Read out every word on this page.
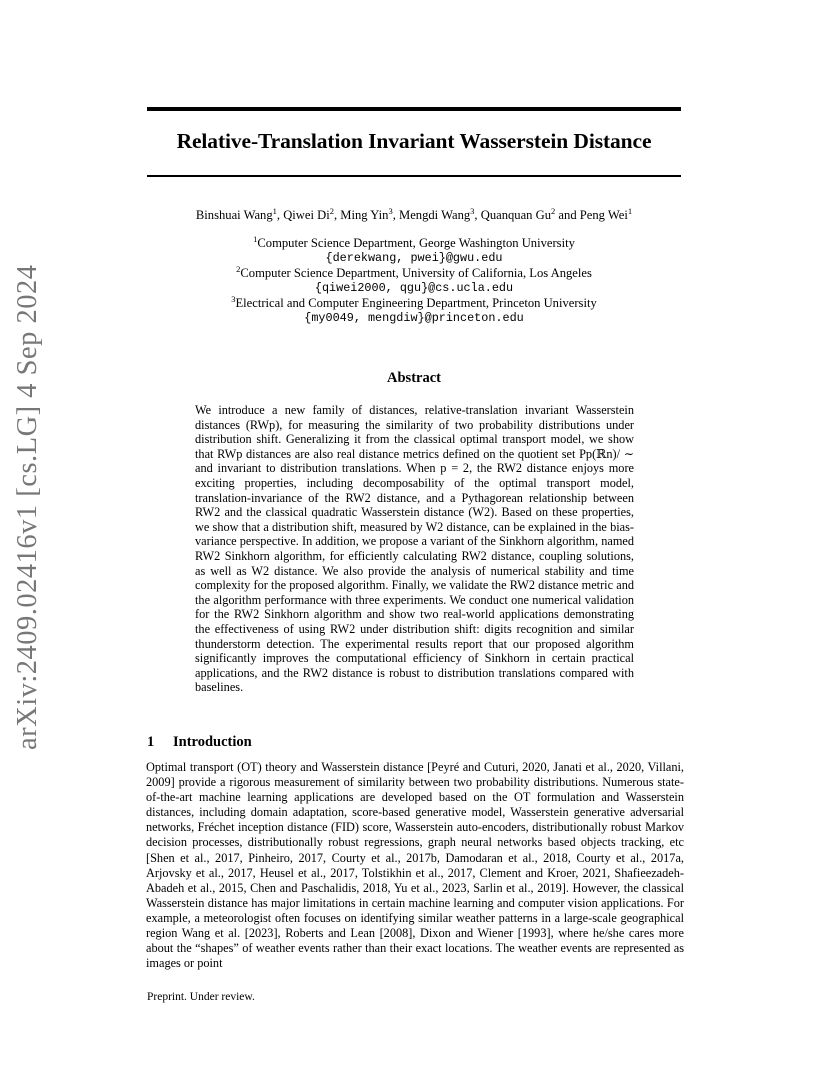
arXiv:2409.02416v1 [cs.LG] 4 Sep 2024
Relative-Translation Invariant Wasserstein Distance
Binshuai Wang$^1$, Qiwei Di$^2$, Ming Yin$^3$, Mengdi Wang$^3$, Quanquan Gu$^2$ and Peng Wei$^1$
$^1$Computer Science Department, George Washington University
{derekwang, pwei}@gwu.edu
$^2$Computer Science Department, University of California, Los Angeles
{qiwei2000, qgu}@cs.ucla.edu
$^3$Electrical and Computer Engineering Department, Princeton University
{my0049, mengdiw}@princeton.edu
Abstract

We introduce a new family of distances, relative-translation invariant Wasserstein distances (RWp), for measuring the similarity of two probability distributions under distribution shift. Generalizing it from the classical optimal transport model, we show that RWp distances are also real distance metrics defined on the quotient set Pp(ℝn)/ ∼ and invariant to distribution translations. When p = 2, the RW2 distance enjoys more exciting properties, including decomposability of the optimal transport model, translation-invariance of the RW2 distance, and a Pythagorean relationship between RW2 and the classical quadratic Wasserstein distance (W2). Based on these properties, we show that a distribution shift, measured by W2 distance, can be explained in the bias-variance perspective. In addition, we propose a variant of the Sinkhorn algorithm, named RW2 Sinkhorn algorithm, for efficiently calculating RW2 distance, coupling solutions, as well as W2 distance. We also provide the analysis of numerical stability and time complexity for the proposed algorithm. Finally, we validate the RW2 distance metric and the algorithm performance with three experiments. We conduct one numerical validation for the RW2 Sinkhorn algorithm and show two real-world applications demonstrating the effectiveness of using RW2 under distribution shift: digits recognition and similar thunderstorm detection. The experimental results report that our proposed algorithm significantly improves the computational efficiency of Sinkhorn in certain practical applications, and the RW2 distance is robust to distribution translations compared with baselines.

1 Introduction

Optimal transport (OT) theory and Wasserstein distance [Peyré and Cuturi, 2020, Janati et al., 2020, Villani, 2009] provide a rigorous measurement of similarity between two probability distributions. Numerous state-of-the-art machine learning applications are developed based on the OT formulation and Wasserstein distances, including domain adaptation, score-based generative model, Wasserstein generative adversarial networks, Fréchet inception distance (FID) score, Wasserstein auto-encoders, distributionally robust Markov decision processes, distributionally robust regressions, graph neural networks based objects tracking, etc [Shen et al., 2017, Pinheiro, 2017, Courty et al., 2017b, Damodaran et al., 2018, Courty et al., 2017a, Arjovsky et al., 2017, Heusel et al., 2017, Tolstikhin et al., 2017, Clement and Kroer, 2021, Shafieezadeh-Abadeh et al., 2015, Chen and Paschalidis, 2018, Yu et al., 2023, Sarlin et al., 2019]. However, the classical Wasserstein distance has major limitations in certain machine learning and computer vision applications. For example, a meteorologist often focuses on identifying similar weather patterns in a large-scale geographical region Wang et al. [2023], Roberts and Lean [2008], Dixon and Wiener [1993], where he/she cares more about the “shapes” of weather events rather than their exact locations. The weather events are represented as images or point

Preprint. Under review.
